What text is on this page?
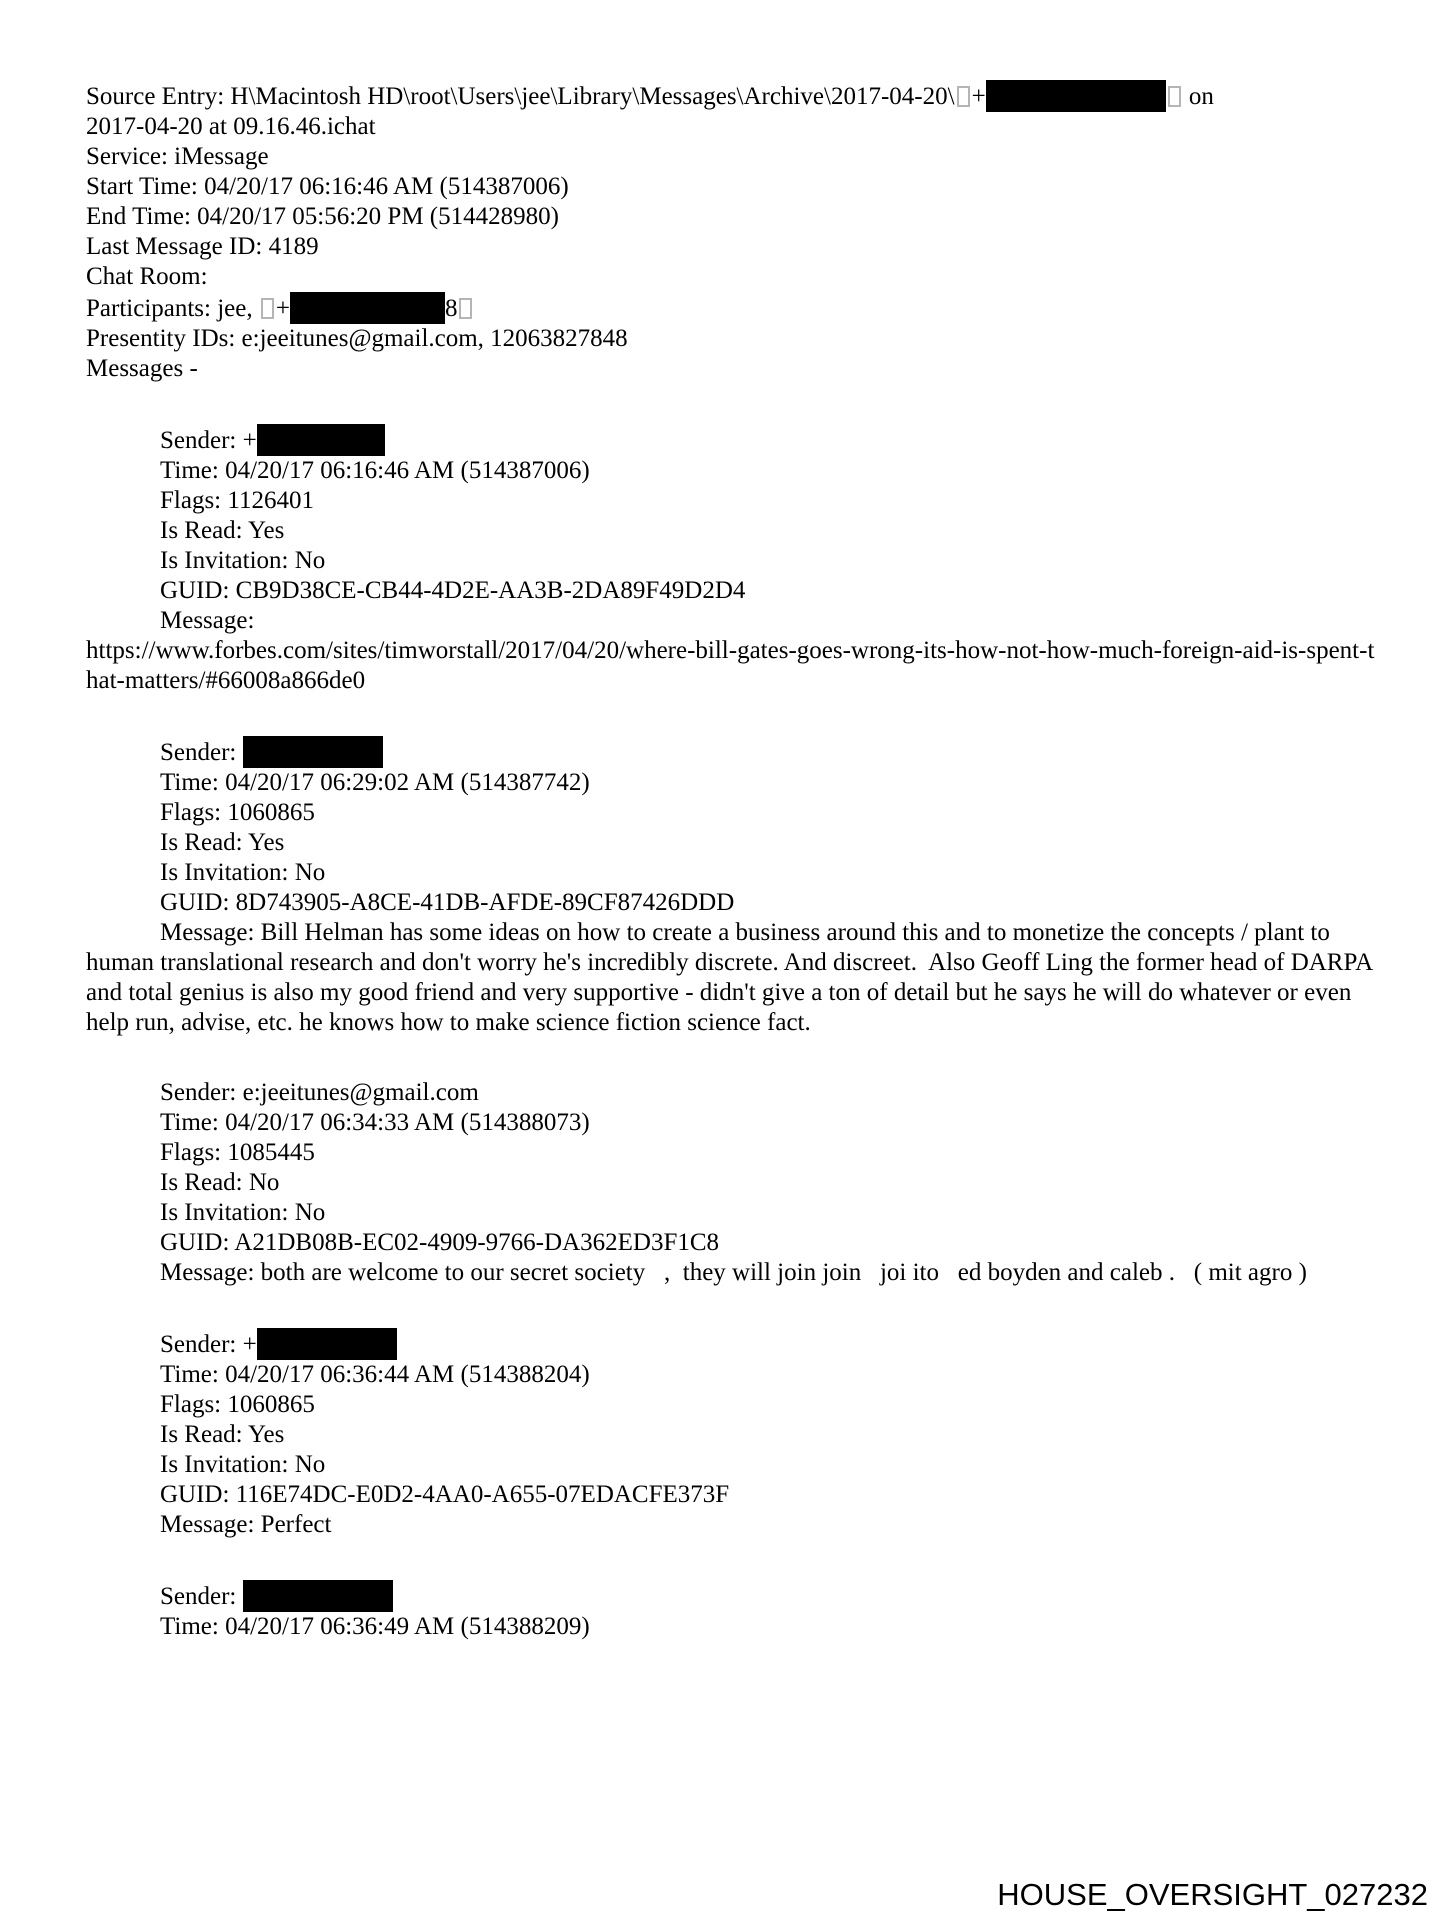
Source Entry: H\Macintosh HD\root\Users\jee\Library\Messages\Archive\2017-04-20\ +	on
2017-04-20 at 09.16.46.ichat
Service: iMessage
Start Time: 04/20/17 06:16:46 AM (514387006)
End Time: 04/20/17 05:56:20 PM (514428980)
Last Message ID: 4189
Chat Room:
Participants: jee, +	8
Presentity IDs: e:jeeitunes@gmail.com, 12063827848
Messages -
Sender: +
Time: 04/20/17 06:16:46 AM (514387006)
Flags: 1126401
Is Read: Yes
Is Invitation: No
GUID: CB9D38CE-CB44-4D2E-AA3B-2DA89F49D2D4
Message:
https://www.forbes.com/sites/timworstall/2017/04/20/where-bill-gates-goes-wrong-its-how-not-how-much-foreign-aid-is-spent-that-matters/#66008a866de0
Sender:
Time: 04/20/17 06:29:02 AM (514387742)
Flags: 1060865
Is Read: Yes
Is Invitation: No
GUID: 8D743905-A8CE-41DB-AFDE-89CF87426DDD
Message: Bill Helman has some ideas on how to create a business around this and to monetize the concepts / plant to human translational research and don't worry he's incredibly discrete. And discreet.  Also Geoff Ling the former head of DARPA and total genius is also my good friend and very supportive - didn't give a ton of detail but he says he will do whatever or even help run, advise, etc. he knows how to make science fiction science fact.
Sender: e:jeeitunes@gmail.com
Time: 04/20/17 06:34:33 AM (514388073)
Flags: 1085445
Is Read: No
Is Invitation: No
GUID: A21DB08B-EC02-4909-9766-DA362ED3F1C8
Message: both are welcome to our secret society   ,  they will join join   joi ito   ed boyden and caleb .   ( mit agro )
Sender: +
Time: 04/20/17 06:36:44 AM (514388204)
Flags: 1060865
Is Read: Yes
Is Invitation: No
GUID: 116E74DC-E0D2-4AA0-A655-07EDACFE373F
Message: Perfect
Sender:
Time: 04/20/17 06:36:49 AM (514388209)
HOUSE_OVERSIGHT_027232
